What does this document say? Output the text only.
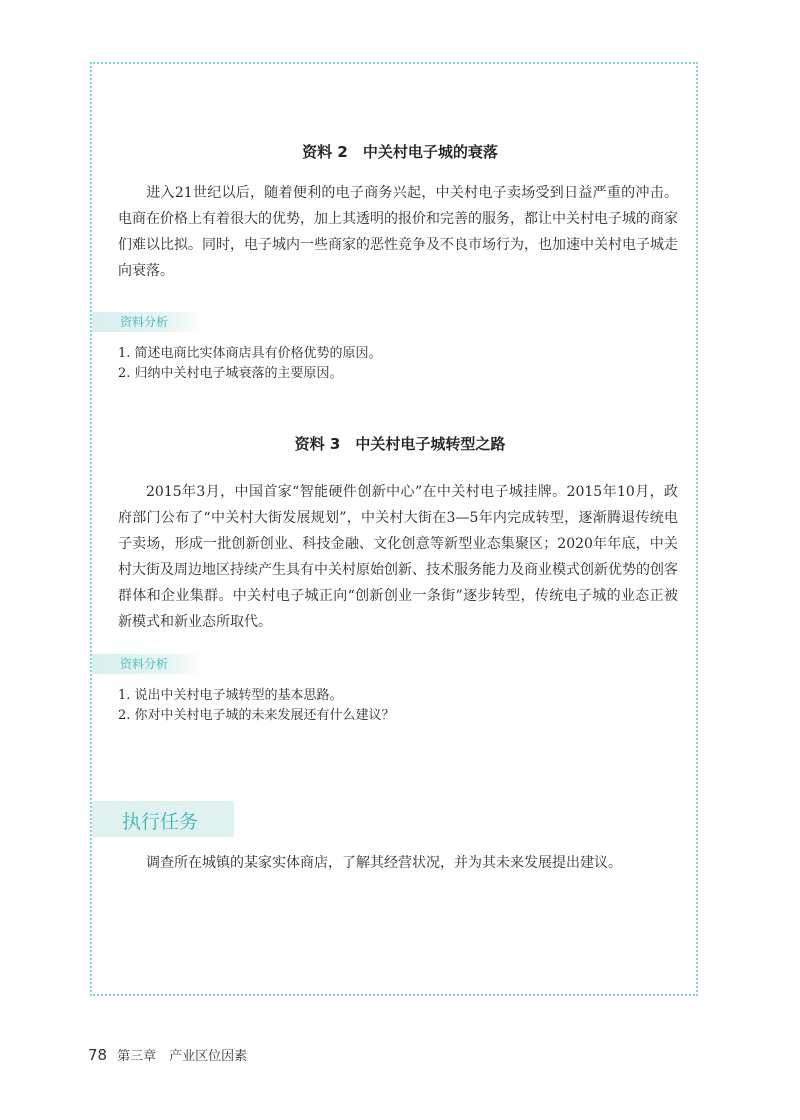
资料 2　中关村电子城的衰落
进入21世纪以后，随着便利的电子商务兴起，中关村电子卖场受到日益严重的冲击。电商在价格上有着很大的优势，加上其透明的报价和完善的服务，都让中关村电子城的商家们难以比拟。同时，电子城内一些商家的恶性竞争及不良市场行为，也加速中关村电子城走向衰落。
资料分析
1. 简述电商比实体商店具有价格优势的原因。
2. 归纳中关村电子城衰落的主要原因。
资料 3　中关村电子城转型之路
2015年3月，中国首家“智能硬件创新中心”在中关村电子城挂牌。2015年10月，政府部门公布了“中关村大街发展规划”，中关村大街在3—5年内完成转型，逐渐腾退传统电子卖场，形成一批创新创业、科技金融、文化创意等新型业态集聚区；2020年年底，中关村大街及周边地区持续产生具有中关村原始创新、技术服务能力及商业模式创新优势的创客群体和企业集群。中关村电子城正向“创新创业一条街”逐步转型，传统电子城的业态正被新模式和新业态所取代。
资料分析
1. 说出中关村电子城转型的基本思路。
2. 你对中关村电子城的未来发展还有什么建议？
执行任务
调查所在城镇的某家实体商店，了解其经营状况，并为其未来发展提出建议。
78 第三章　产业区位因素
